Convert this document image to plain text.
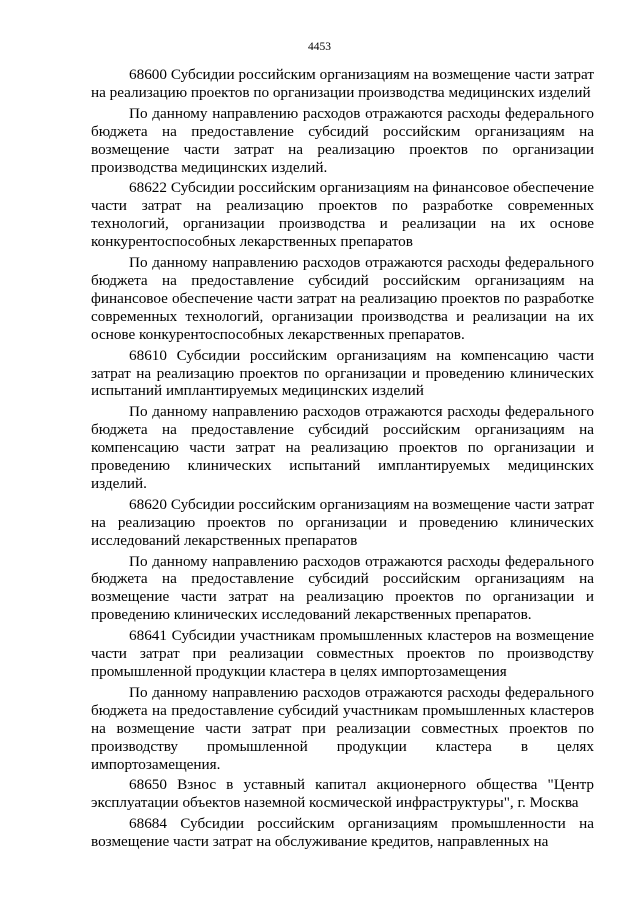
4453

68600 Субсидии российским организациям на возмещение части затрат на реализацию проектов по организации производства медицинских изделий

По данному направлению расходов отражаются расходы федерального бюджета на предоставление субсидий российским организациям на возмещение части затрат на реализацию проектов по организации производства медицинских изделий.

68622 Субсидии российским организациям на финансовое обеспечение части затрат на реализацию проектов по разработке современных технологий, организации производства и реализации на их основе конкурентоспособных лекарственных препаратов

По данному направлению расходов отражаются расходы федерального бюджета на предоставление субсидий российским организациям на финансовое обеспечение части затрат на реализацию проектов по разработке современных технологий, организации производства и реализации на их основе конкурентоспособных лекарственных препаратов.

68610 Субсидии российским организациям на компенсацию части затрат на реализацию проектов по организации и проведению клинических испытаний имплантируемых медицинских изделий

По данному направлению расходов отражаются расходы федерального бюджета на предоставление субсидий российским организациям на компенсацию части затрат на реализацию проектов по организации и проведению клинических испытаний имплантируемых медицинских изделий.

68620 Субсидии российским организациям на возмещение части затрат на реализацию проектов по организации и проведению клинических исследований лекарственных препаратов

По данному направлению расходов отражаются расходы федерального бюджета на предоставление субсидий российским организациям на возмещение части затрат на реализацию проектов по организации и проведению клинических исследований лекарственных препаратов.

68641 Субсидии участникам промышленных кластеров на возмещение части затрат при реализации совместных проектов по производству промышленной продукции кластера в целях импортозамещения

По данному направлению расходов отражаются расходы федерального бюджета на предоставление субсидий участникам промышленных кластеров на возмещение части затрат при реализации совместных проектов по производству промышленной продукции кластера в целях импортозамещения.

68650 Взнос в уставный капитал акционерного общества "Центр эксплуатации объектов наземной космической инфраструктуры", г. Москва

68684 Субсидии российским организациям промышленности на возмещение части затрат на обслуживание кредитов, направленных на
